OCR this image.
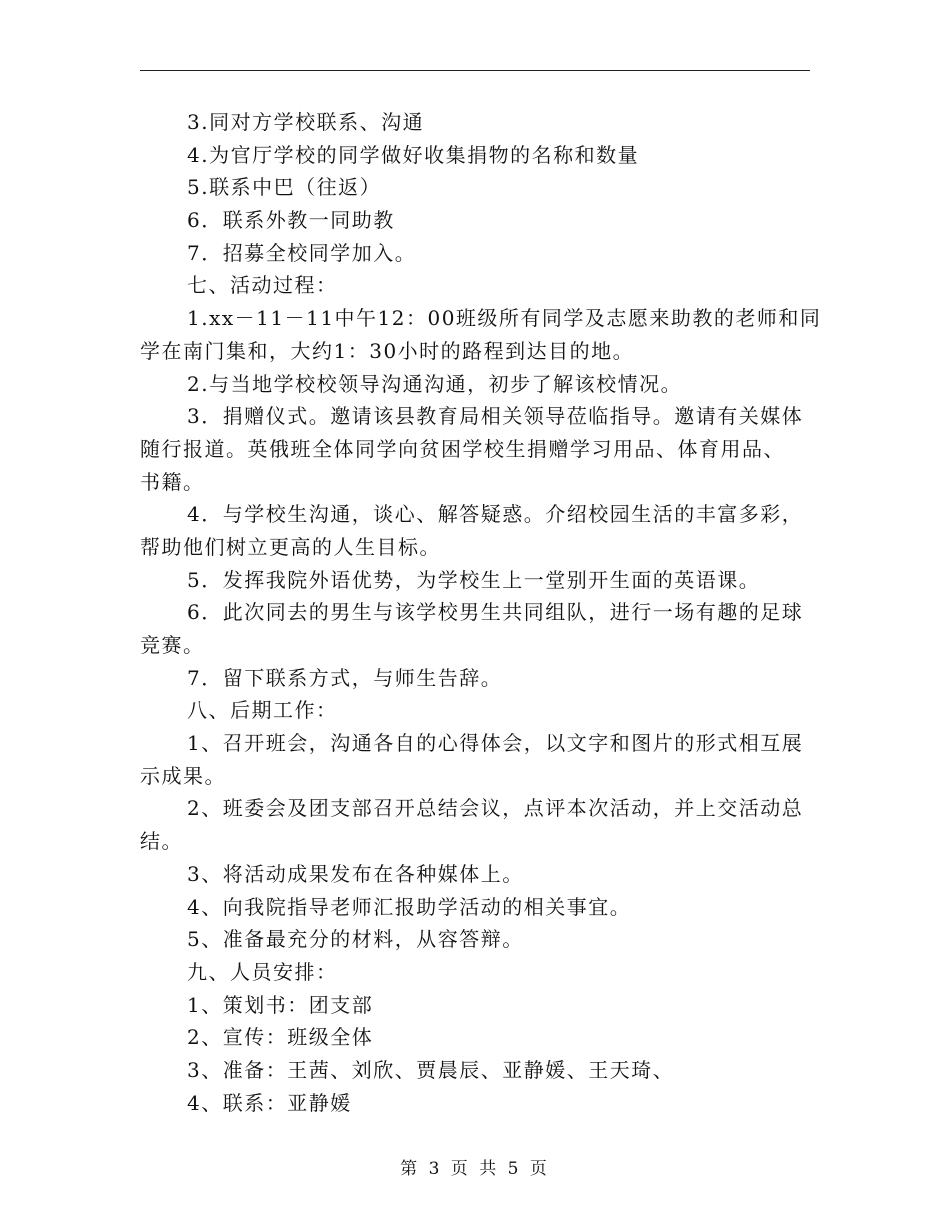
3.同对方学校联系、沟通
4.为官厅学校的同学做好收集捐物的名称和数量
5.联系中巴（往返）
6．联系外教一同助教
7．招募全校同学加入。
七、活动过程：
1.xx－11－11中午12：00班级所有同学及志愿来助教的老师和同
学在南门集和，大约1：30小时的路程到达目的地。
2.与当地学校校领导沟通沟通，初步了解该校情况。
3．捐赠仪式。邀请该县教育局相关领导莅临指导。邀请有关媒体
随行报道。英俄班全体同学向贫困学校生捐赠学习用品、体育用品、
书籍。
4．与学校生沟通，谈心、解答疑惑。介绍校园生活的丰富多彩，
帮助他们树立更高的人生目标。
5．发挥我院外语优势，为学校生上一堂别开生面的英语课。
6．此次同去的男生与该学校男生共同组队，进行一场有趣的足球
竞赛。
7．留下联系方式，与师生告辞。
八、后期工作：
1、召开班会，沟通各自的心得体会，以文字和图片的形式相互展
示成果。
2、班委会及团支部召开总结会议，点评本次活动，并上交活动总
结。
3、将活动成果发布在各种媒体上。
4、向我院指导老师汇报助学活动的相关事宜。
5、准备最充分的材料，从容答辩。
九、人员安排：
1、策划书：团支部
2、宣传：班级全体
3、准备：王茜、刘欣、贾晨辰、亚静媛、王天琦、
4、联系：亚静媛
第 3 页 共 5 页
